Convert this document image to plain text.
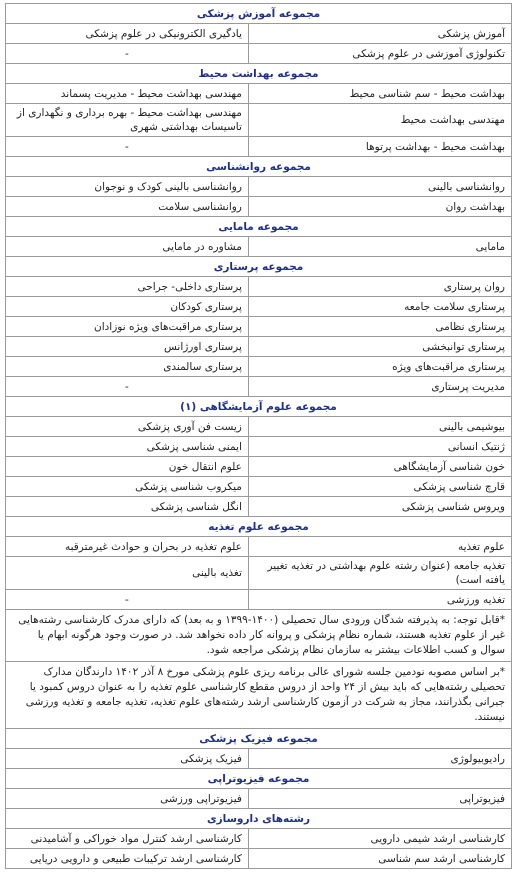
مجموعه آموزش پزشکی	
آموزش پزشکی	یادگیری الکترونیکی در علوم پزشکی
تکنولوژی آموزشی در علوم پزشکی	-
مجموعه بهداشت محیط	
بهداشت محیط - سم شناسی محیط	مهندسی بهداشت محیط - مدیریت پسماند
مهندسی بهداشت محیط	مهندسی بهداشت محیط - بهره برداری و نگهداری از تاسیسات بهداشتی شهری
بهداشت محیط - بهداشت پرتوها	-
مجموعه روانشناسی	
روانشناسی بالینی	روانشناسی بالینی کودک و نوجوان
بهداشت روان	روانشناسی سلامت
مجموعه مامایی	
مامایی	مشاوره در مامایی
مجموعه پرستاری	
روان پرستاری	پرستاری داخلی- جراحی
پرستاری سلامت جامعه	پرستاری کودکان
پرستاری نظامی	پرستاری مراقبت‌های ویژه نوزادان
پرستاری توانبخشی	پرستاری اورژانس
پرستاری مراقبت‌های ویژه	پرستاری سالمندی
مدیریت پرستاری	-
مجموعه علوم آزمایشگاهی (۱)	
بیوشیمی بالینی	زیست فن آوری پزشکی
ژنتیک انسانی	ایمنی شناسی پزشکی
خون شناسی آزمایشگاهی	علوم انتقال خون
قارچ شناسی پزشکی	میکروب شناسی پزشکی
ویروس شناسی پزشکی	انگل شناسی پزشکی
مجموعه علوم تغذیه	
علوم تغذیه	علوم تغذیه در بحران و حوادث غیرمترقبه
تغذیه جامعه (عنوان رشته علوم بهداشتی در تغذیه تغییر یافته است)	تغذیه بالینی
تغذیه ورزشی	-
*قابل توجه: به پذیرفته شدگان ورودی سال تحصیلی (۱۴۰۰-۱۳۹۹ و به بعد) که دارای مدرک کارشناسی رشته‌هایی غیر از علوم تغذیه هستند، شماره نظام پزشکی و پروانه کار داده نخواهد شد. در صورت وجود هرگونه ابهام یا سوال و کسب اطلاعات بیشتر به سازمان نظام پزشکی مراجعه شود.	
*بر اساس مصوبه نودمین جلسه شورای عالی برنامه ریزی علوم پزشکی مورخ ۸ آذر ۱۴۰۲ دارندگان مدارک تحصیلی رشته‌هایی که باید بیش از ۲۴ واحد از دروس مقطع کارشناسی علوم تغذیه را به عنوان دروس کمبود یا جبرانی بگذرانند، مجاز به شرکت در آزمون کارشناسی ارشد رشته‌های علوم تغذیه، تغذیه جامعه و تغذیه ورزشی نیستند.	
مجموعه فیزیک پزشکی	
رادیوبیولوژی	فیزیک پزشکی
مجموعه فیزیوتراپی	
فیزیوتراپی	فیزیوتراپی ورزشی
رشته‌های داروسازی	
کارشناسی ارشد شیمی دارویی	کارشناسی ارشد کنترل مواد خوراکی و آشامیدنی
کارشناسی ارشد سم شناسی	کارشناسی ارشد ترکیبات طبیعی و دارویی دریایی
